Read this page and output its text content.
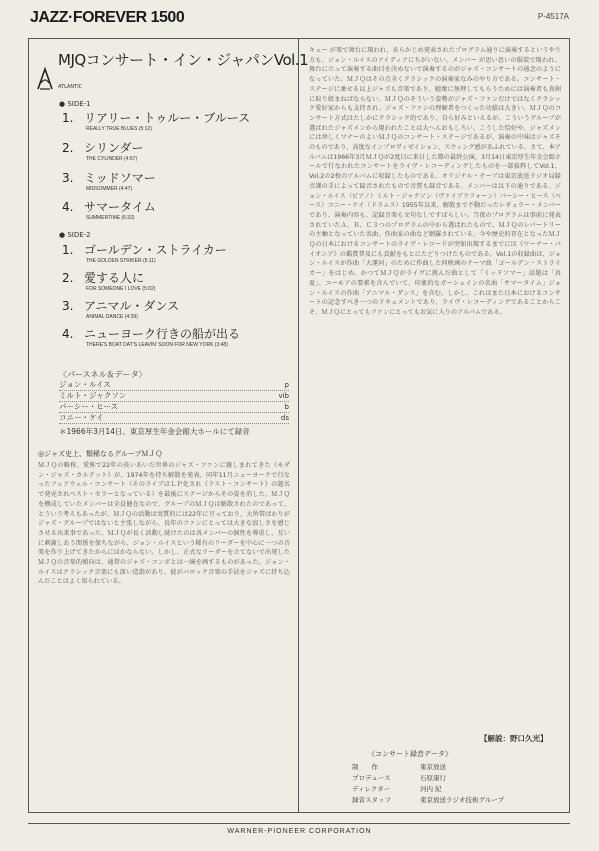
JAZZ·FOREVER 1500	P-4517A
MJQコンサート・イン・ジャパンVol.1
ATLANTIC
● SIDE-1
1. リアリー・トゥルー・ブルース
REALLY TRUE BLUES (5:12)
2. シリンダー
THE CYLINDER (4:57)
3. ミッドソマー
MIDSOMMER (4:47)
4. サマータイム
SUMMERTIME (6:32)
● SIDE-2
1. ゴールデン・ストライカー
THE GOLDEN STRIKER (5:11)
2. 愛する人に
FOR SOMEONE I LOVE (5:02)
3. アニマル・ダンス
ANIMAL DANCE (4:39)
4. ニューヨーク行きの船が出る
THERE'S BOAT DAT'S LEAVIN' SOON FOR NEW YORK (3:48)
〈パースネル＆データ〉
ジョン・ルイス	p
ミルト・ジャクソン	vib
パーシー・ヒース	b
コニー・ケイ	ds
＊1966年3月14日、東京厚生年金会館大ホールにて録音
◎ジャズ史上、類稀なるグループＭＪＱ
ＭＪＱの略称、愛称で22年の長いあいだ世界のジャズ・ファンに親しまれてきた《モダン・ジャズ・カルテット》が、1974年を持ち解散を発表、同年11月ニューヨークで行なったフェアウェル・コンサート（そのライブはＬＰ化され《ラスト・コンサート》の題名で発売されベスト・セラーとなっている）を最後にステージからその姿を消した。ＭＪＱを構成していたメンバーは全員健在なので、グループのＭＪＱは解散されたのであって、とういう考えもあったが、ＭＪＱの活動は実質的には22年に亘っており、大所帯ばかりがジャズ・グループではないと主張しながら、長年のファンにとっては大きな寂しさを感じさせる出来事であった。ＭＪＱが長く活動し続けたのは各メンバーの個性を尊重し、互いに刺激しあう関係を保ちながら、ジョン・ルイスという稀有のリーダーを中心に一つの音楽を作り上げてきたからにほかならない。しかし、正式なリーダーを立てないで出発したＭＪＱの音楽的傾向は、通常のジャズ・コンボとは一線を画するものがあった。ジョン・ルイスはクラシック音楽にも深い造詣があり、彼がバロック音楽の手法をジャズに持ち込んだことはよく知られている。
キュー が楽で舞台に現われ、あらかじめ発表されたプログラム通りに演奏するというやり方も、ジョン・ルイスのアイディアにちがいない。メンバー が思い思いの服装で現われ、舞台に立って演奏する曲目を決めないで演奏するのがジャズ・コンサートの通念のようになっていた。ＭＪＱはその点全くクラシックの演奏家なみのやり方である。コンサート・ステージに乗せる以上ジャズも音楽であり、聴衆に無理してもらうためには演奏者も真剣に取り組まねばならない。ＭＪＱのそういう姿勢がジャズ・ファンだけではなくクラシック愛好家からも支持され、ジャズ・ファンの理解者をつくった功績は大きい。ＭＪＱのコンサート方式はたしかにクラシック的であり、自ら好みといえるが、こういうグループが選ばれたジャズメンから現われたことは大へんおもしろい。こうした恰好や、ジャズメンには珍しくマナーのよいＭＪＱのコンサート・ステージであるが、演奏の中味はジャズそのものであり、高度なインプロヴィゼイション、スウィング感があふれている。さて、本アルバムは1966年3月ＭＪＱが2度目に来日した際の最終公演、3月14日東京厚生年金会館ホールで行なわれたコンサートをライヴ・レコーディングしたものを一部抜粋してVol.1、Vol.2の2枚のアルバムに収録したものである。オリジナル・テープは東京放送ラジオ局録音課の手によって録音されたもので音質も録音である。メンバーは以下の通りである。ジョン・ルイス（ピアノ）ミルト・ジャクソン（ヴァイブラフォーン）パーシー・ヒース（ベース）コニー・ケイ（ドラムス）1955年以来、解散まで不動だったレギュラー・メンバーであり、演奏内容も、記録音楽も文句なしですばらしい。当夜のプログラムは事前に発表されていたＡ、Ｂ、Ｃ３つのプログラムの中から選ばれたもので、ＭＪＱのレパートリーの主軸となっていた名曲、作曲家の曲など網羅されている。今や歴史的存在となったＭＪＱの日本におけるコンサートのライヴ・レコードが突如出現するまでには《ワーナー・パイオニア》の鑑賞普及にも貢献をもとにたどりつけたものである。Vol.1の収録曲は、ジョン・ルイスが作曲「大運河」のために作曲した同映画のテーマ曲「ゴールデン・ストライカー」をはじめ、かつてＭＪＱがライヴに挑んだ曲として「ミッドソマー」話題は「真夏」、ユーモアの要素を含んでいて、印象的なガーシュインの名曲「サマータイム」ジョン・ルイスの作曲「アニマル・ダンス」を含む。しかし、これはまた日本におけるコンサートの記念すべき一つのドキュメントであり、ライヴ・レコーディングであることからこそ、ＭＪＱにとってもファンにとってもお気に入りのアルバムである。
【解説：野口久光】
《コンサート録音データ》
制　　作	東京放送
プロデュース	石原康行
ディレクター	河内 紀
録音スタッフ	東京放送ラジオ技術グループ
WARNER-PIONEER CORPORATION
